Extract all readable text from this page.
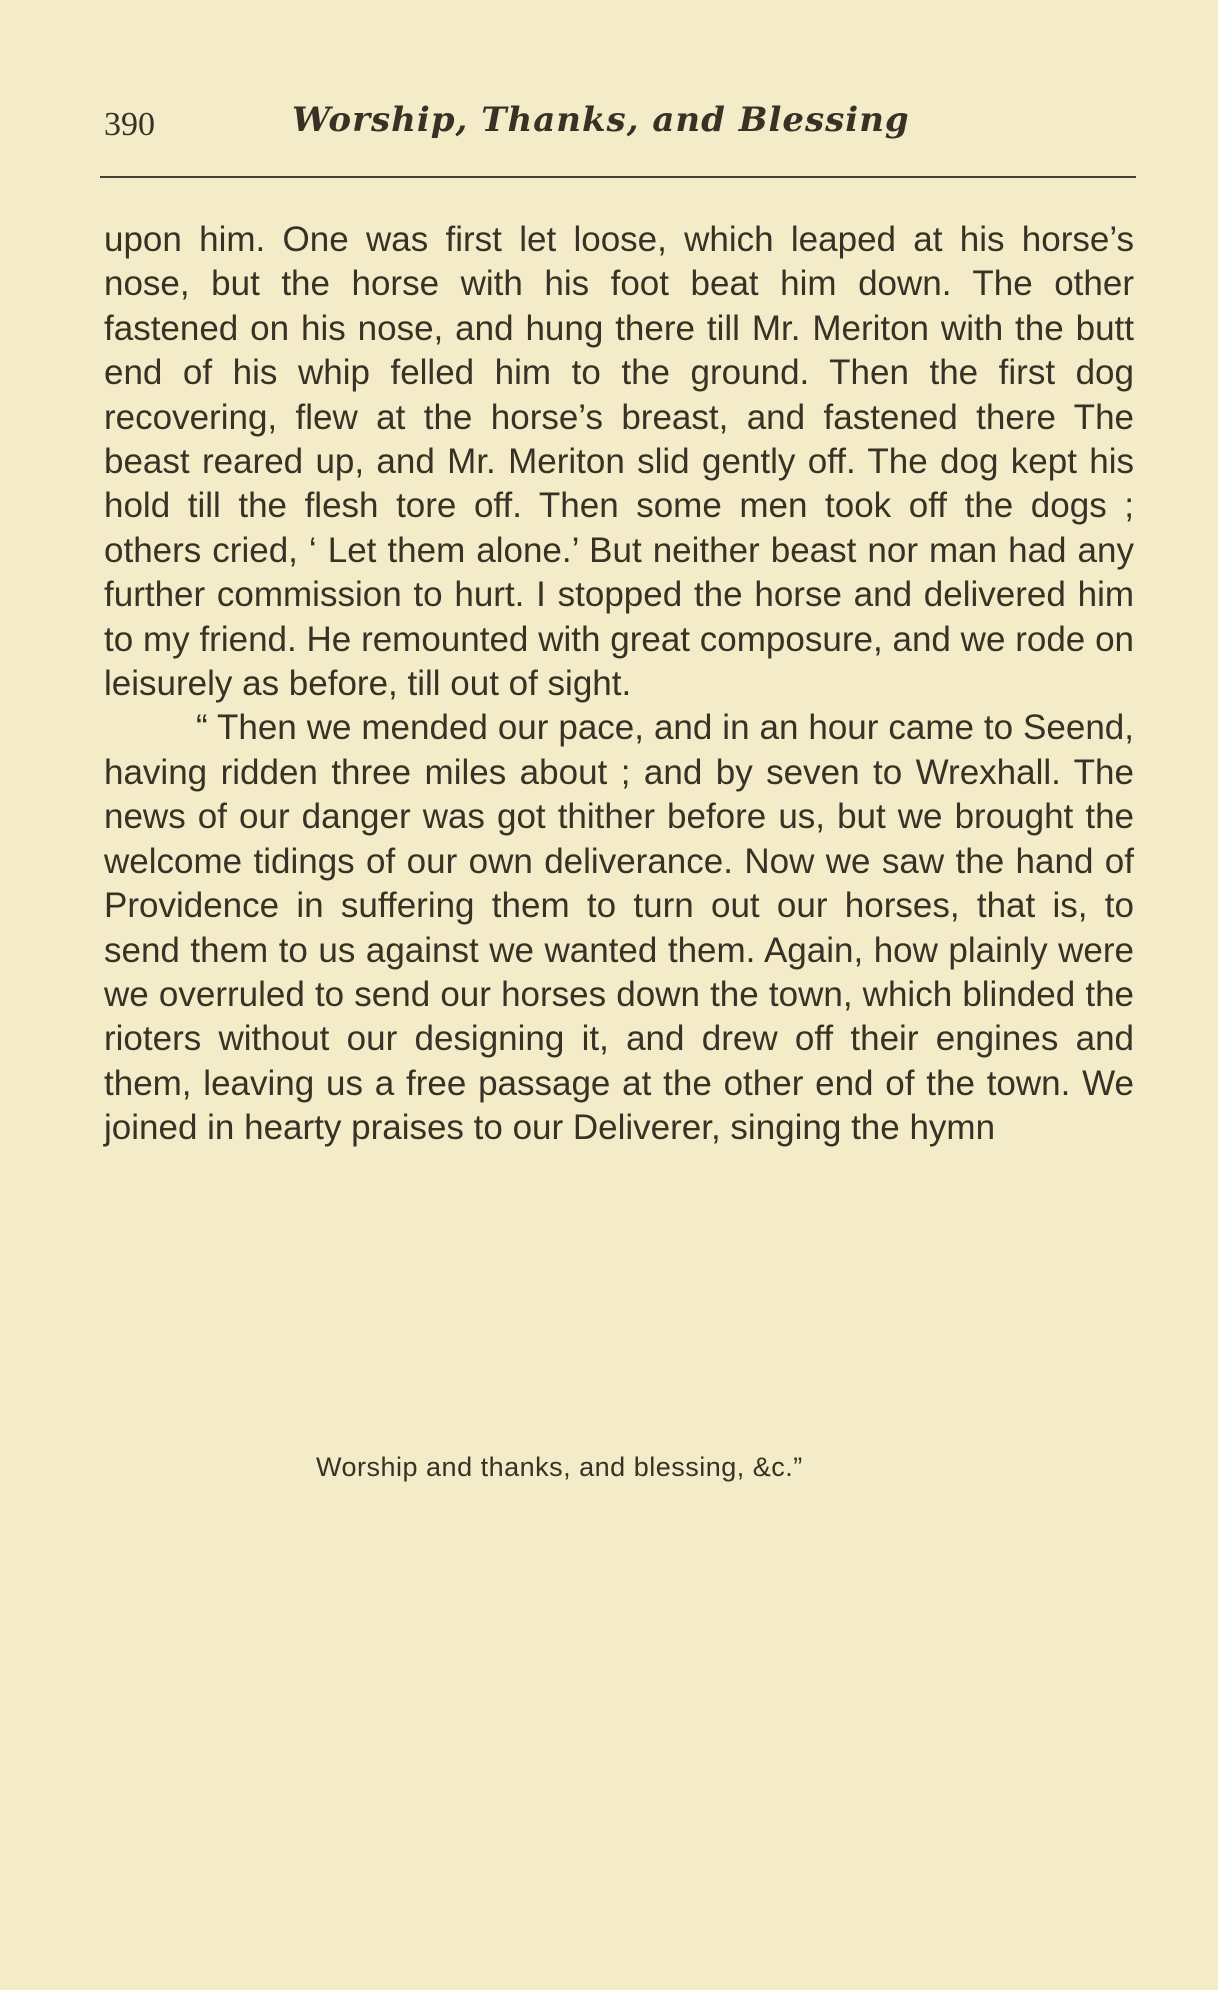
390	Worship, Thanks, and Blessing

upon him. One was first let loose, which leaped at his horse’s nose, but the horse with his foot beat him down. The other fastened on his nose, and hung there till Mr. Meriton with the butt end of his whip felled him to the ground. Then the first dog recovering, flew at the horse’s breast, and fastened there The beast reared up, and Mr. Meriton slid gently off. The dog kept his hold till the flesh tore off. Then some men took off the dogs ; others cried, ‘ Let them alone.’ But neither beast nor man had any further commission to hurt. I stopped the horse and delivered him to my friend. He remounted with great composure, and we rode on leisurely as before, till out of sight.

“ Then we mended our pace, and in an hour came to Seend, having ridden three miles about ; and by seven to Wrexhall. The news of our danger was got thither before us, but we brought the welcome tidings of our own deliverance. Now we saw the hand of Providence in suffering them to turn out our horses, that is, to send them to us against we wanted them. Again, how plainly were we overruled to send our horses down the town, which blinded the rioters without our designing it, and drew off their engines and them, leaving us a free passage at the other end of the town. We joined in hearty praises to our Deliverer, singing the hymn

Worship and thanks, and blessing, &c.”
